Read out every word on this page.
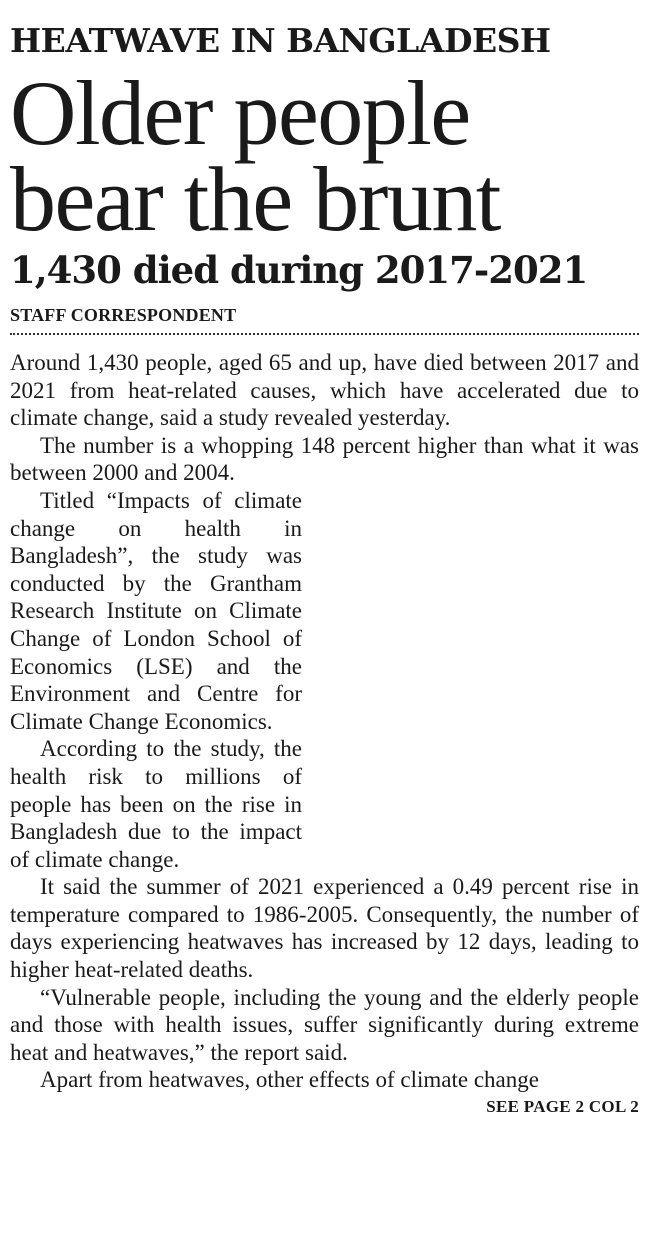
HEATWAVE IN BANGLADESH
Older people
bear the brunt
1,430 died during 2017-2021
STAFF CORRESPONDENT

Around 1,430 people, aged 65 and up, have died between 2017 and 2021 from heat-related causes, which have accelerated due to climate change, said a study revealed yesterday.

The number is a whopping 148 percent higher than what it was between 2000 and 2004.

Titled “Impacts of climate change on health in Bangladesh”, the study was conducted by the Grantham Research Institute on Climate Change of London School of Economics (LSE) and the Environment and Centre for Climate Change Economics.

According to the study, the health risk to millions of people has been on the rise in Bangladesh due to the impact of climate change.

It said the summer of 2021 experienced a 0.49 percent rise in temperature compared to 1986-2005. Consequently, the number of days experiencing heatwaves has increased by 12 days, leading to higher heat-related deaths.

“Vulnerable people, including the young and the elderly people and those with health issues, suffer significantly during extreme heat and heatwaves,” the report said.

Apart from heatwaves, other effects of climate change

SEE PAGE 2 COL 2
